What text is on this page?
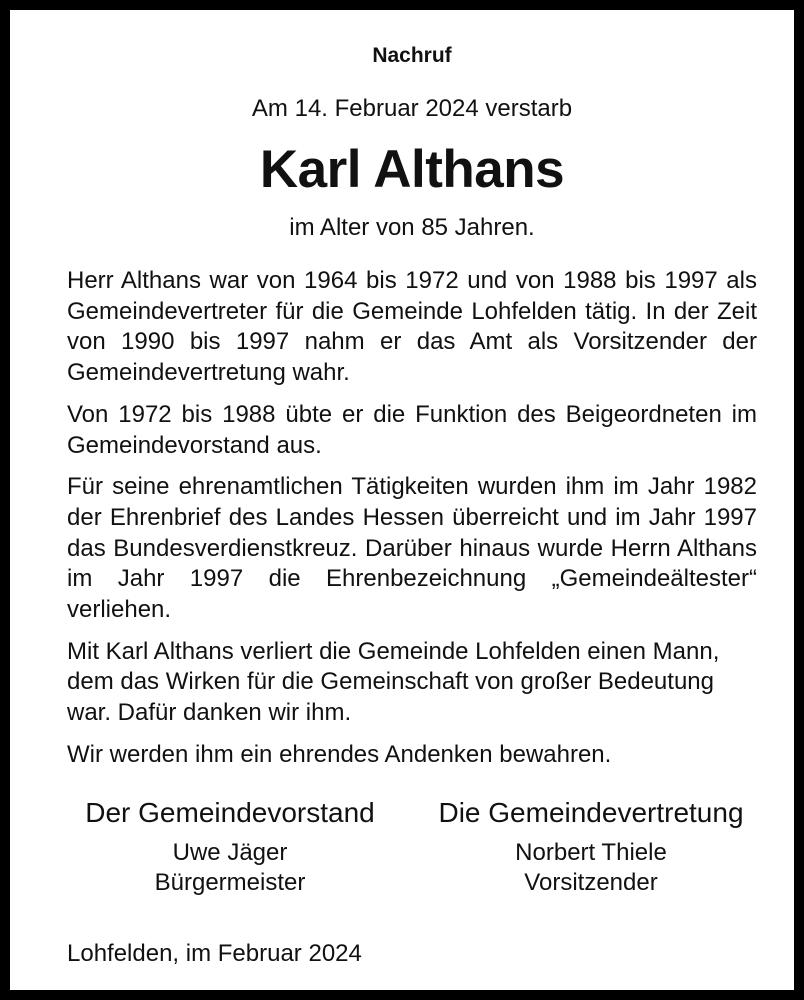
Nachruf
Am 14. Februar 2024 verstarb
Karl Althans
im Alter von 85 Jahren.

Herr Althans war von 1964 bis 1972 und von 1988 bis 1997 als Gemeindevertreter für die Gemeinde Lohfelden tätig. In der Zeit von 1990 bis 1997 nahm er das Amt als Vorsitzender der Gemeindevertretung wahr.

Von 1972 bis 1988 übte er die Funktion des Beigeordneten im Gemeindevorstand aus.

Für seine ehrenamtlichen Tätigkeiten wurden ihm im Jahr 1982 der Ehrenbrief des Landes Hessen überreicht und im Jahr 1997 das Bundesverdienstkreuz. Darüber hinaus wurde Herrn Althans im Jahr 1997 die Ehrenbezeichnung „Gemeindeältester“ verliehen.

Mit Karl Althans verliert die Gemeinde Lohfelden einen Mann, dem das Wirken für die Gemeinschaft von großer Bedeutung war. Dafür danken wir ihm.

Wir werden ihm ein ehrendes Andenken bewahren.

Der Gemeindevorstand
Uwe Jäger
Bürgermeister
Die Gemeindevertretung
Norbert Thiele
Vorsitzender
Lohfelden, im Februar 2024
